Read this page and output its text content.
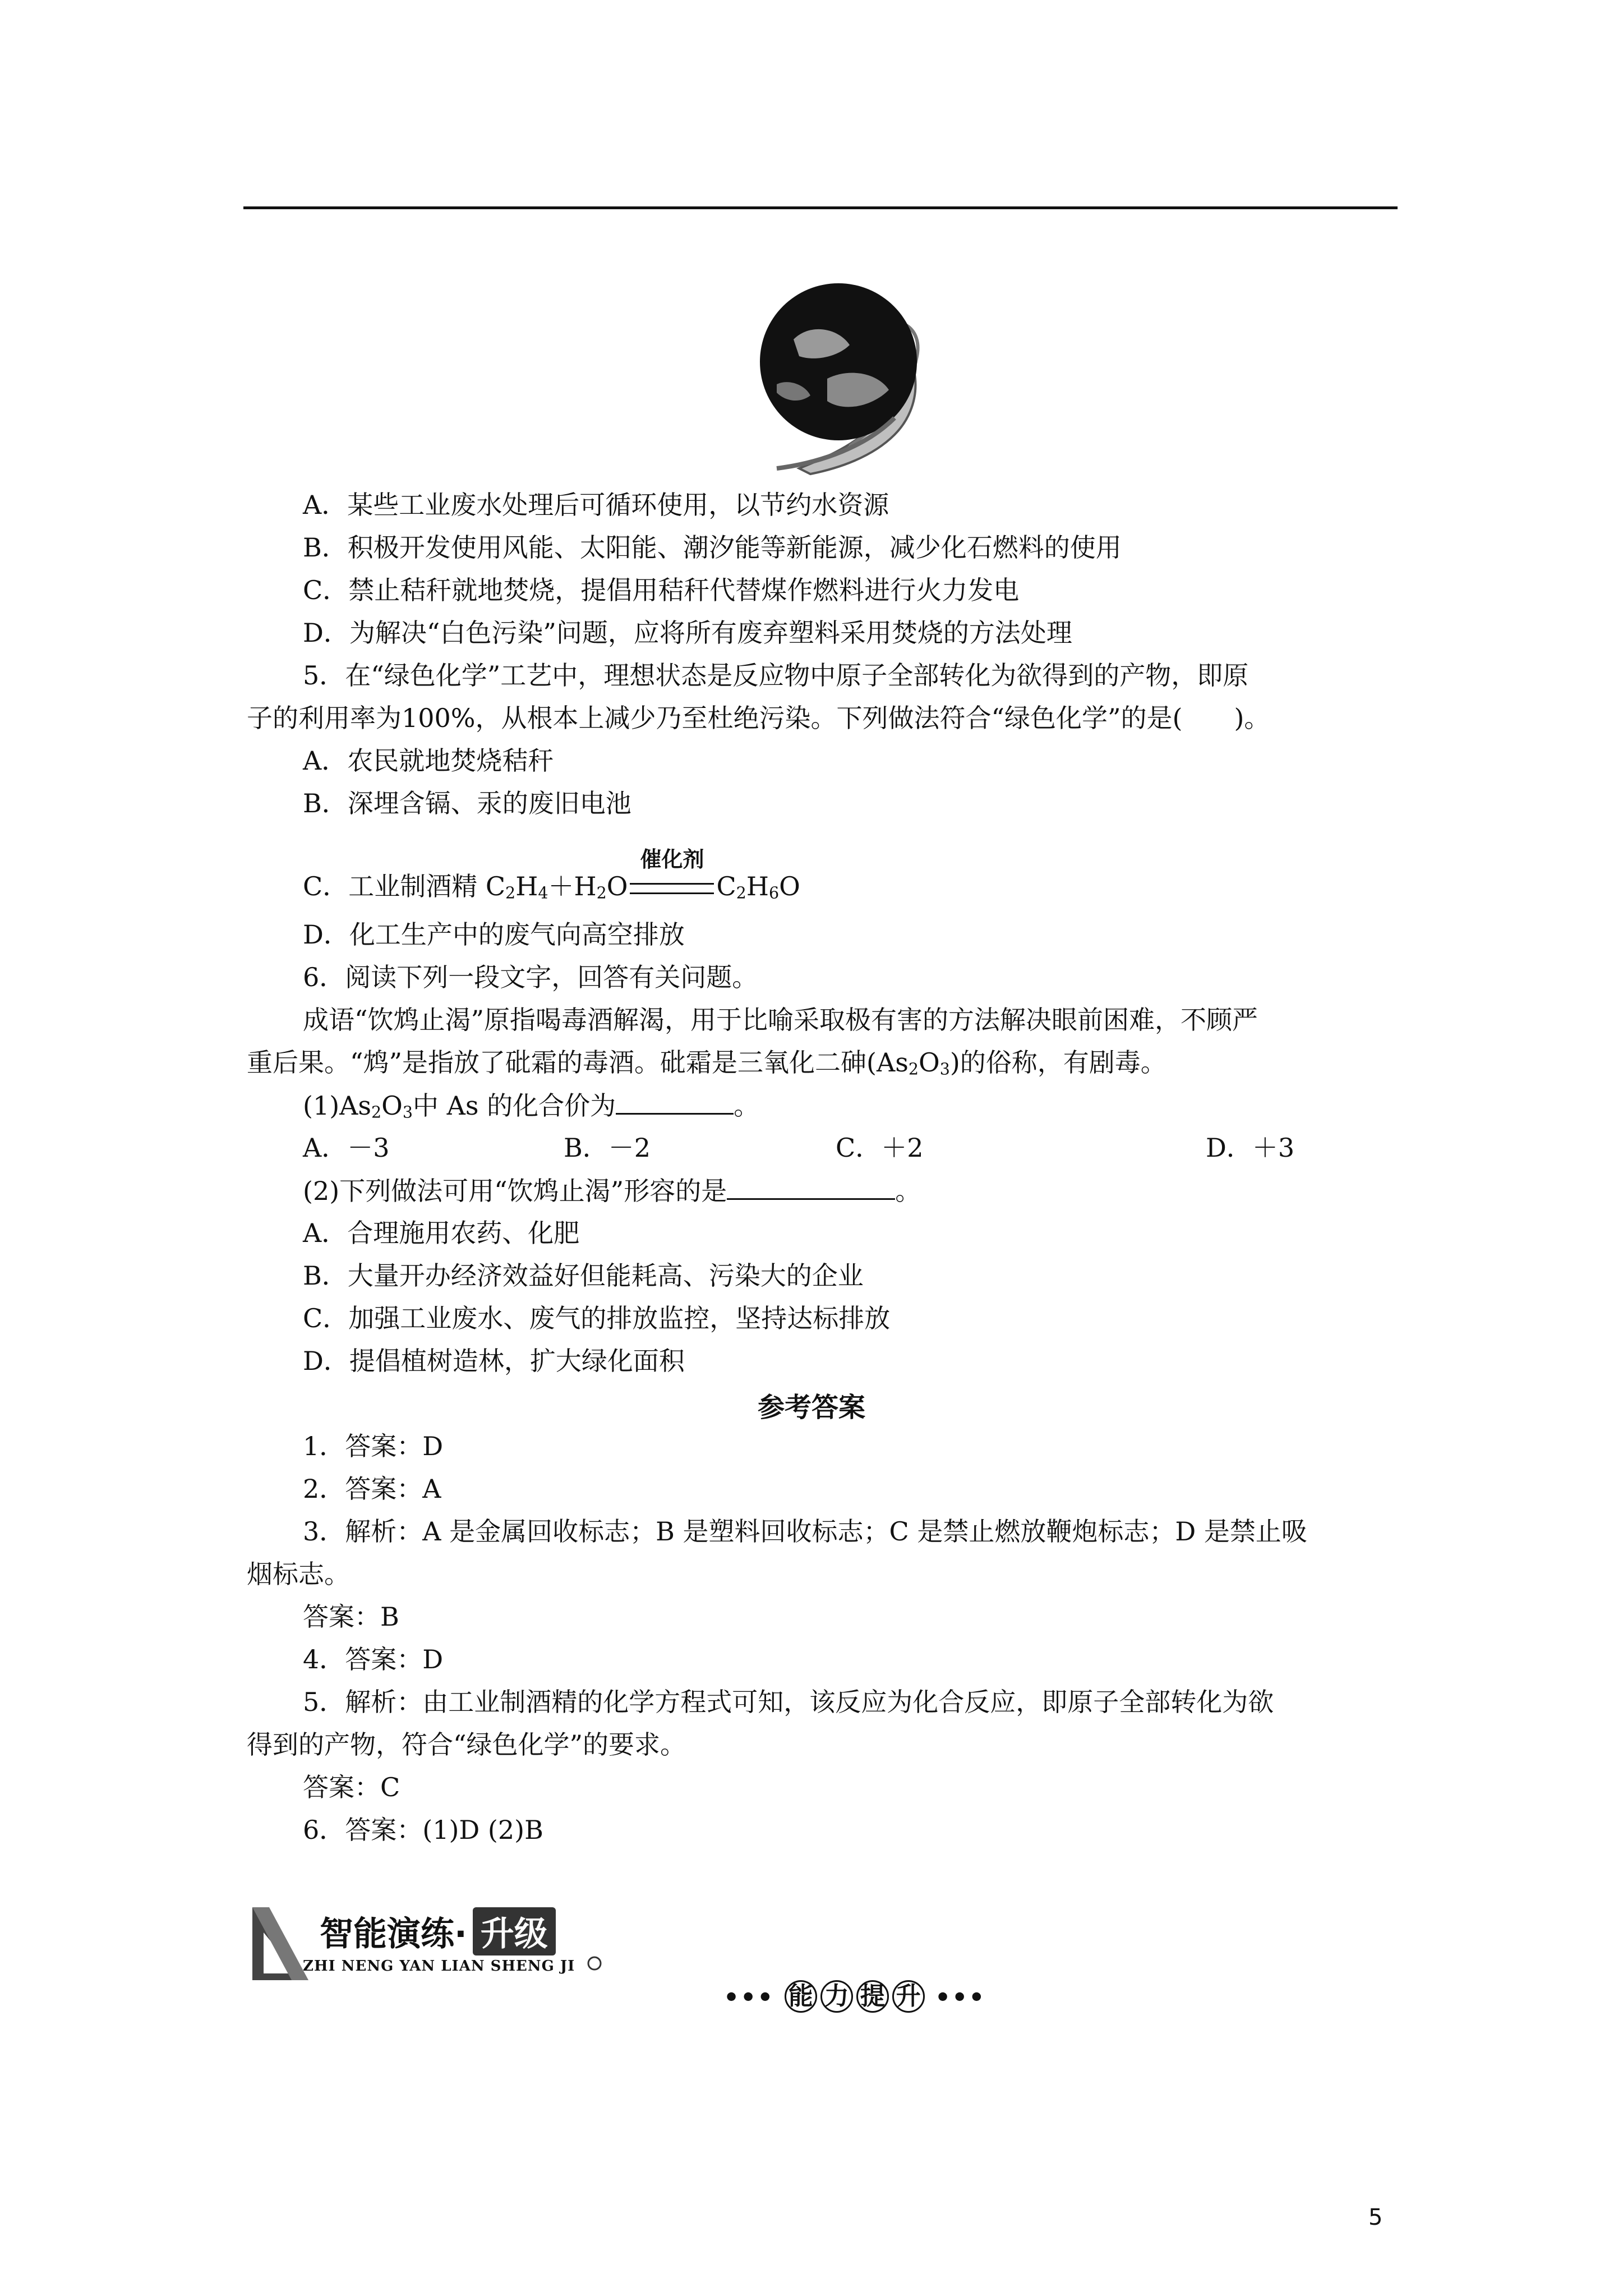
A．某些工业废水处理后可循环使用，以节约水资源
B．积极开发使用风能、太阳能、潮汐能等新能源，减少化石燃料的使用
C．禁止秸秆就地焚烧，提倡用秸秆代替煤作燃料进行火力发电
D．为解决“白色污染”问题，应将所有废弃塑料采用焚烧的方法处理
5．在“绿色化学”工艺中，理想状态是反应物中原子全部转化为欲得到的产物，即原
子的利用率为100%，从根本上减少乃至杜绝污染。下列做法符合“绿色化学”的是(　　)。
A．农民就地焚烧秸秆
B．深埋含镉、汞的废旧电池
C．工业制酒精 $C_2H_4+H_2O$
催化剂
$C_2H_6O$
D．化工生产中的废气向高空排放
6．阅读下列一段文字，回答有关问题。
成语“饮鸩止渴”原指喝毒酒解渴，用于比喻采取极有害的方法解决眼前困难，不顾严
重后果。“鸩”是指放了砒霜的毒酒。砒霜是三氧化二砷$(As_2O_3)$的俗称，有剧毒。
$(1)As_2O_3$中 As 的化合价为	。
A．－3	B．－2	C．＋2	D．＋3
(2)下列做法可用“饮鸩止渴”形容的是	。
A．合理施用农药、化肥
B．大量开办经济效益好但能耗高、污染大的企业
C．加强工业废水、废气的排放监控，坚持达标排放
D．提倡植树造林，扩大绿化面积
参考答案
1．答案：D
2．答案：A
3．解析：A 是金属回收标志；B 是塑料回收标志；C 是禁止燃放鞭炮标志；D 是禁止吸
烟标志。
答案：B
4．答案：D
5．解析：由工业制酒精的化学方程式可知，该反应为化合反应，即原子全部转化为欲
得到的产物，符合“绿色化学”的要求。
答案：C
6．答案：(1)D (2)B
智能演练· 升级
ZHI NENG YAN LIAN SHENG JI
••• 能 力 提 升 •••
5
